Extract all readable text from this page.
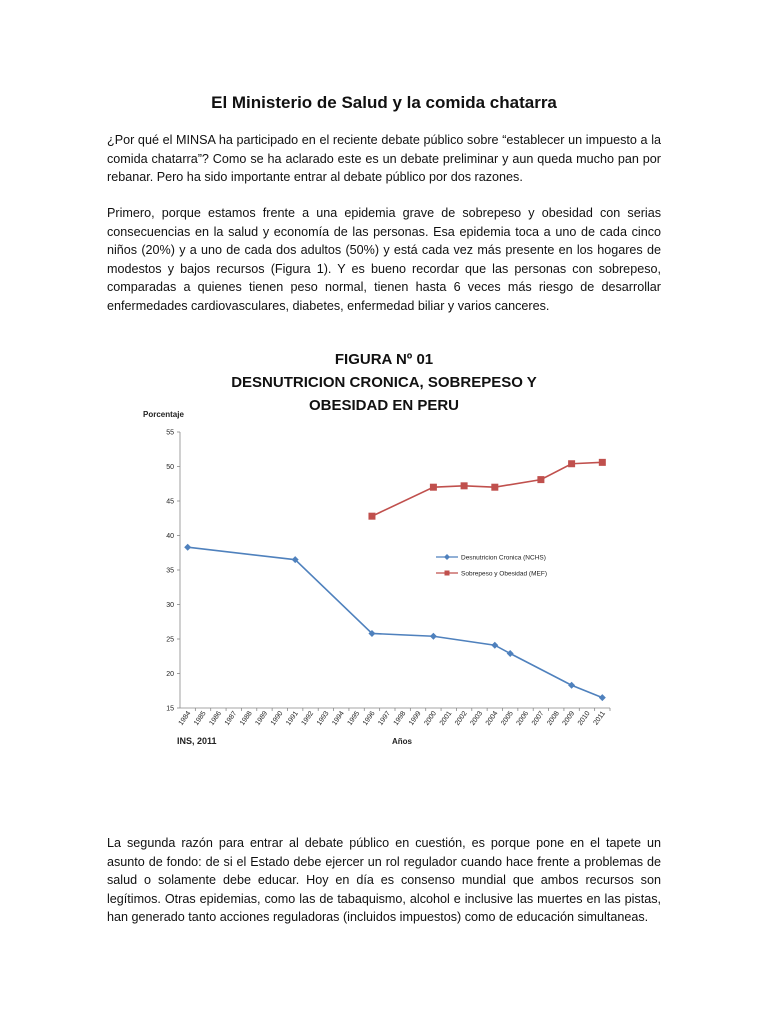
El Ministerio de Salud y la comida chatarra

¿Por qué el MINSA ha participado en el reciente debate público sobre “establecer un impuesto a la comida chatarra”? Como se ha aclarado este es un debate preliminar y aun queda mucho pan por rebanar. Pero ha sido importante entrar al debate público por dos razones.

Primero, porque estamos frente a una epidemia grave de sobrepeso y obesidad con serias consecuencias en la salud y economía de las personas. Esa epidemia toca a uno de cada cinco niños (20%) y a uno de cada dos adultos (50%) y está cada vez más presente en los hogares de modestos y bajos recursos (Figura 1). Y es bueno recordar que las personas con sobrepeso, comparadas a quienes tienen peso normal, tienen hasta 6 veces más riesgo de desarrollar enfermedades cardiovasculares, diabetes, enfermedad biliar y varios canceres.

La segunda razón para entrar al debate público en cuestión, es porque pone en el tapete un asunto de fondo: de si el Estado debe ejercer un rol regulador cuando hace frente a problemas de salud o solamente debe educar. Hoy en día es consenso mundial que ambos recursos son legítimos. Otras epidemias, como las de tabaquismo, alcohol e inclusive las muertes en las pistas, han generado tanto acciones reguladoras (incluidos impuestos) como de educación simultaneas.

FIGURA Nº 01
DESNUTRICION CRONICA, SOBREPESO Y
OBESIDAD EN PERU
Porcentaje
Años
INS, 2011
15
20
25
30
35
40
45
50
55
1984 1985 1986 1987 1988 1989 1990 1991 1992 1993 1994 1995 1996 1997 1998 1999 2000 2001 2002 2003 2004 2005 2006 2007 2008 2009 2010 2011
Desnutricion Cronica (NCHS)
Sobrepeso y Obesidad (MEF)
